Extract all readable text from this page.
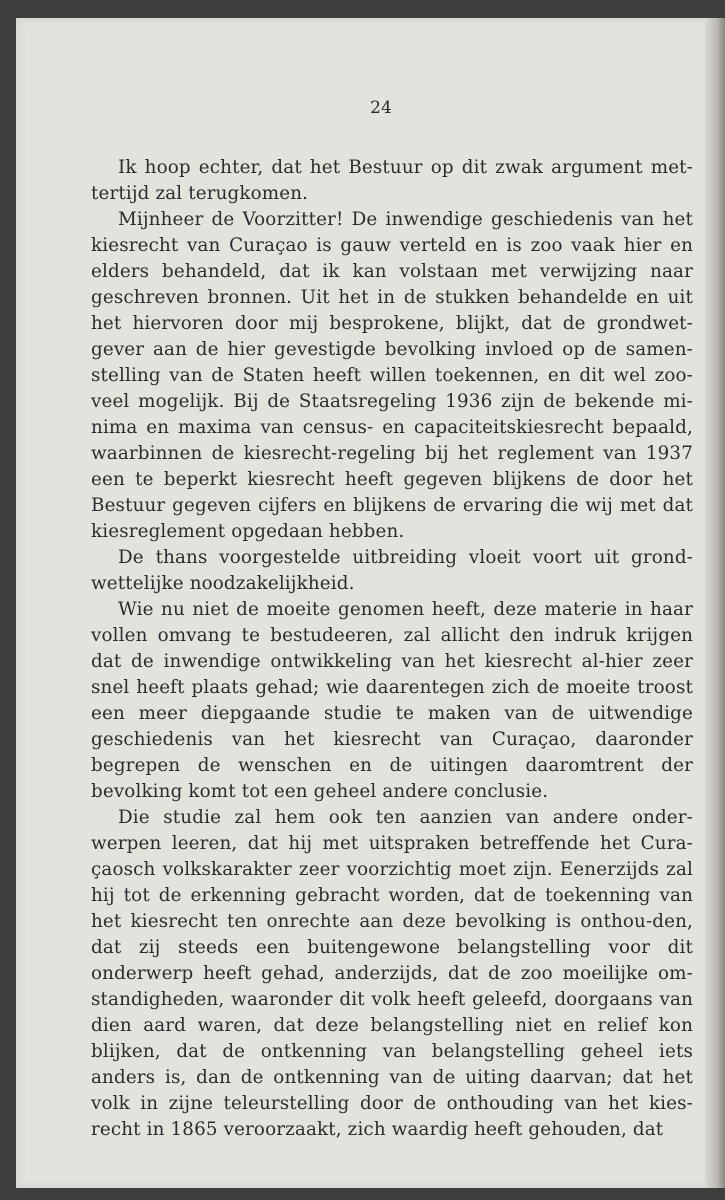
24

Ik hoop echter, dat het Bestuur op dit zwak argument met-tertijd zal terugkomen.

Mijnheer de Voorzitter! De inwendige geschiedenis van het kiesrecht van Curaçao is gauw verteld en is zoo vaak hier en elders behandeld, dat ik kan volstaan met verwijzing naar geschreven bronnen. Uit het in de stukken behandelde en uit het hiervoren door mij besprokene, blijkt, dat de grondwet-gever aan de hier gevestigde bevolking invloed op de samen-stelling van de Staten heeft willen toekennen, en dit wel zoo-veel mogelijk. Bij de Staatsregeling 1936 zijn de bekende mi-nima en maxima van census- en capaciteitskiesrecht bepaald, waarbinnen de kiesrecht-regeling bij het reglement van 1937 een te beperkt kiesrecht heeft gegeven blijkens de door het Bestuur gegeven cijfers en blijkens de ervaring die wij met dat kiesreglement opgedaan hebben.

De thans voorgestelde uitbreiding vloeit voort uit grond-wettelijke noodzakelijkheid.

Wie nu niet de moeite genomen heeft, deze materie in haar vollen omvang te bestudeeren, zal allicht den indruk krijgen dat de inwendige ontwikkeling van het kiesrecht al-hier zeer snel heeft plaats gehad; wie daarentegen zich de moeite troost een meer diepgaande studie te maken van de uitwendige geschiedenis van het kiesrecht van Curaçao, daaronder begrepen de wenschen en de uitingen daaromtrent der bevolking komt tot een geheel andere conclusie.

Die studie zal hem ook ten aanzien van andere onder-werpen leeren, dat hij met uitspraken betreffende het Cura-çaosch volkskarakter zeer voorzichtig moet zijn. Eenerzijds zal hij tot de erkenning gebracht worden, dat de toekenning van het kiesrecht ten onrechte aan deze bevolking is onthou-den, dat zij steeds een buitengewone belangstelling voor dit onderwerp heeft gehad, anderzijds, dat de zoo moeilijke om-standigheden, waaronder dit volk heeft geleefd, doorgaans van dien aard waren, dat deze belangstelling niet en relief kon blijken, dat de ontkenning van belangstelling geheel iets anders is, dan de ontkenning van de uiting daarvan; dat het volk in zijne teleurstelling door de onthouding van het kies-recht in 1865 veroorzaakt, zich waardig heeft gehouden, dat
